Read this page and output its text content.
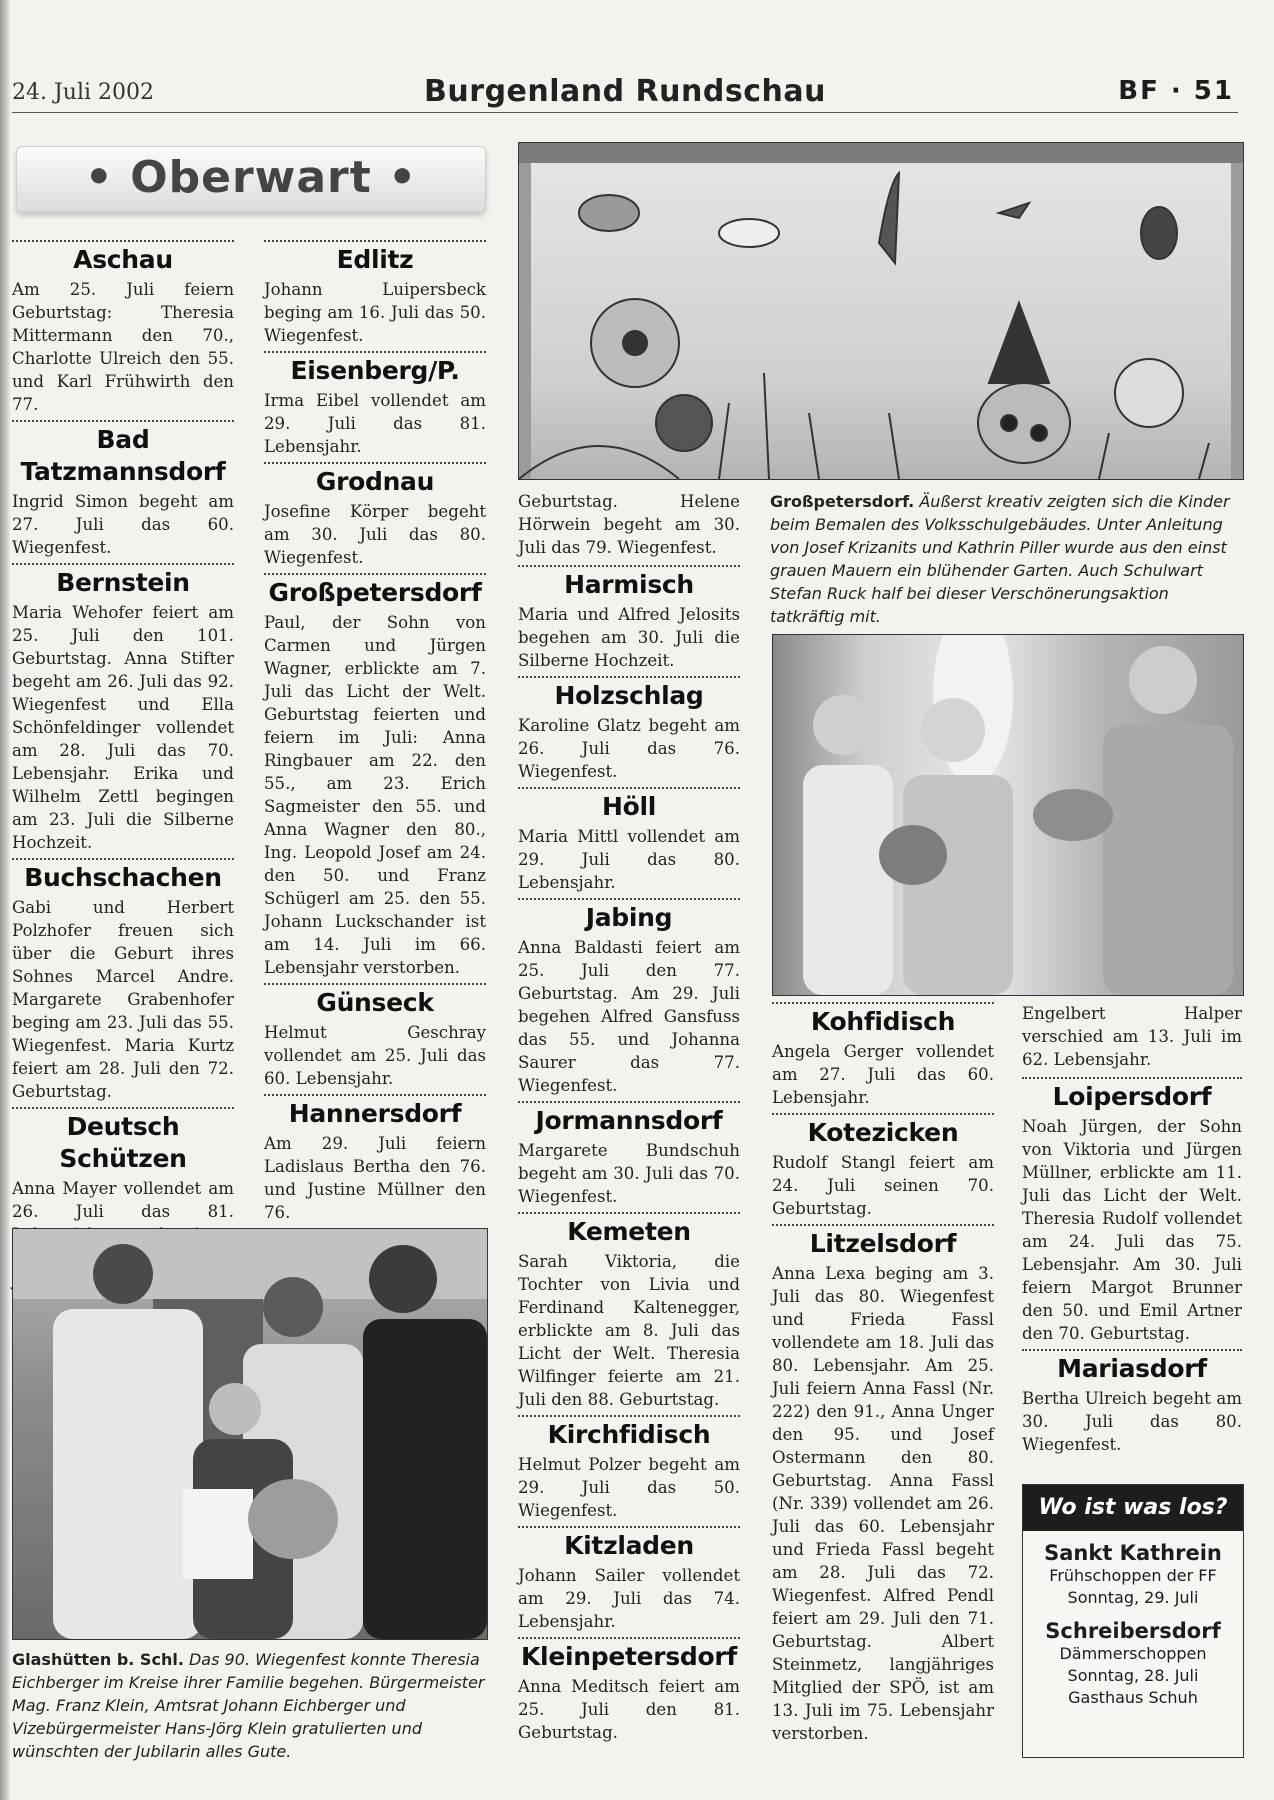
24. Juli 2002	Burgenland Rundschau	BF · 51
• Oberwart •
Aschau

Am 25. Juli feiern Geburtstag: Theresia Mittermann den 70., Charlotte Ulreich den 55. und Karl Frühwirth den 77.

Bad Tatzmannsdorf

Ingrid Simon begeht am 27. Juli das 60. Wiegenfest.

Bernstein

Maria Wehofer feiert am 25. Juli den 101. Geburtstag. Anna Stifter begeht am 26. Juli das 92. Wiegenfest und Ella Schönfeldinger vollendet am 28. Juli das 70. Lebensjahr. Erika und Wilhelm Zettl begingen am 23. Juli die Silberne Hochzeit.

Buchschachen

Gabi und Herbert Polzhofer freuen sich über die Geburt ihres Sohnes Marcel Andre. Margarete Grabenhofer beging am 23. Juli das 55. Wiegenfest. Maria Kurtz feiert am 28. Juli den 72. Geburtstag.

Deutsch Schützen

Anna Mayer vollendet am 26. Juli das 81.

Edlitz

Johann Luipersbeck beging am 16. Juli das 50. Wiegenfest.

Eisenberg/P.

Irma Eibel vollendet am 29. Juli das 81. Lebensjahr.

Grodnau

Josefine Körper begeht am 30. Juli das 80. Wiegenfest.

Großpetersdorf

Paul, der Sohn von Carmen und Jürgen Wagner, erblickte am 7. Juli das Licht der Welt. Geburtstag feierten und feiern im Juli: Anna Ringbauer am 22. den 55., am 23. Erich Sagmeister den 55. und Anna Wagner den 80., Ing. Leopold Josef am 24. den 50. und Franz Schügerl am 25. den 55. Johann Luckschander ist am 14. Juli im 66. Lebensjahr verstorben.

Günseck

Helmut Geschray vollendet am 25. Juli das 60. Lebensjahr.

Hannersdorf

Am 29. Juli feiern Ladislaus Bertha den 76. und Justine Müllner den 76.

Geburtstag. Helene Hörwein begeht am 30. Juli das 79. Wiegenfest.

Harmisch

Maria und Alfred Jelosits begehen am 30. Juli die Silberne Hochzeit.

Holzschlag

Karoline Glatz begeht am 26. Juli das 76. Wiegenfest.

Höll

Maria Mittl vollendet am 29. Juli das 80. Lebensjahr.

Jabing

Anna Baldasti feiert am 25. Juli den 77. Geburtstag. Am 29. Juli begehen Alfred Gansfuss das 55. und Johanna Saurer das 77. Wiegenfest.

Jormannsdorf

Margarete Bundschuh begeht am 30. Juli das 70. Wiegenfest.

Kemeten

Sarah Viktoria, die Tochter von Livia und Ferdinand Kaltenegger, erblickte am 8. Juli das Licht der Welt. Theresia Wilfinger feierte am 21. Juli den 88. Geburtstag.

Kirchfidisch

Helmut Polzer begeht am 29. Juli das 50. Wiegenfest.

Kitzladen

Johann Sailer vollendet am 29. Juli das 74. Lebensjahr.

Kleinpetersdorf

Anna Meditsch feiert am 25. Juli den 81. Geburtstag.

Großpetersdorf. Äußerst kreativ zeigten sich die Kinder beim Bemalen des Volksschulgebäudes. Unter Anleitung von Josef Krizanits und Kathrin Piller wurde aus den einst grauen Mauern ein blühender Garten. Auch Schulwart Stefan Ruck half bei dieser Verschönerungsaktion tatkräftig mit.

Kohfidisch

Angela Gerger vollendet am 27. Juli das 60. Lebensjahr.

Kotezicken

Rudolf Stangl feiert am 24. Juli seinen 70. Geburtstag.

Litzelsdorf

Anna Lexa beging am 3. Juli das 80. Wiegenfest und Frieda Fassl vollendete am 18. Juli das 80. Lebensjahr. Am 25. Juli feiern Anna Fassl (Nr. 222) den 91., Anna Unger den 95. und Josef Ostermann den 80. Geburtstag. Anna Fassl (Nr. 339) vollendet am 26. Juli das 60. Lebensjahr und Frieda Fassl begeht am 28. Juli das 72. Wiegenfest. Alfred Pendl feiert am 29. Juli den 71. Geburtstag. Albert Steinmetz, langjähriges Mitglied der SPÖ, ist am 13. Juli im 75. Lebensjahr verstorben.

Engelbert Halper verschied am 13. Juli im 62. Lebensjahr.

Loipersdorf

Noah Jürgen, der Sohn von Viktoria und Jürgen Müllner, erblickte am 11. Juli das Licht der Welt. Theresia Rudolf vollendet am 24. Juli das 75. Lebensjahr. Am 30. Juli feiern Margot Brunner den 50. und Emil Artner den 70. Geburtstag.

Mariasdorf

Bertha Ulreich begeht am 30. Juli das 80. Wiegenfest.

Glashütten b. Schl. Das 90. Wiegenfest konnte Theresia Eichberger im Kreise ihrer Familie begehen. Bürgermeister Mag. Franz Klein, Amtsrat Johann Eichberger und Vizebürgermeister Hans-Jörg Klein gratulierten und wünschten der Jubilarin alles Gute.

Wo ist was los?
Sankt Kathrein
Frühschoppen der FF
Sonntag, 29. Juli
Schreibersdorf
Dämmerschoppen
Sonntag, 28. Juli
Gasthaus Schuh
